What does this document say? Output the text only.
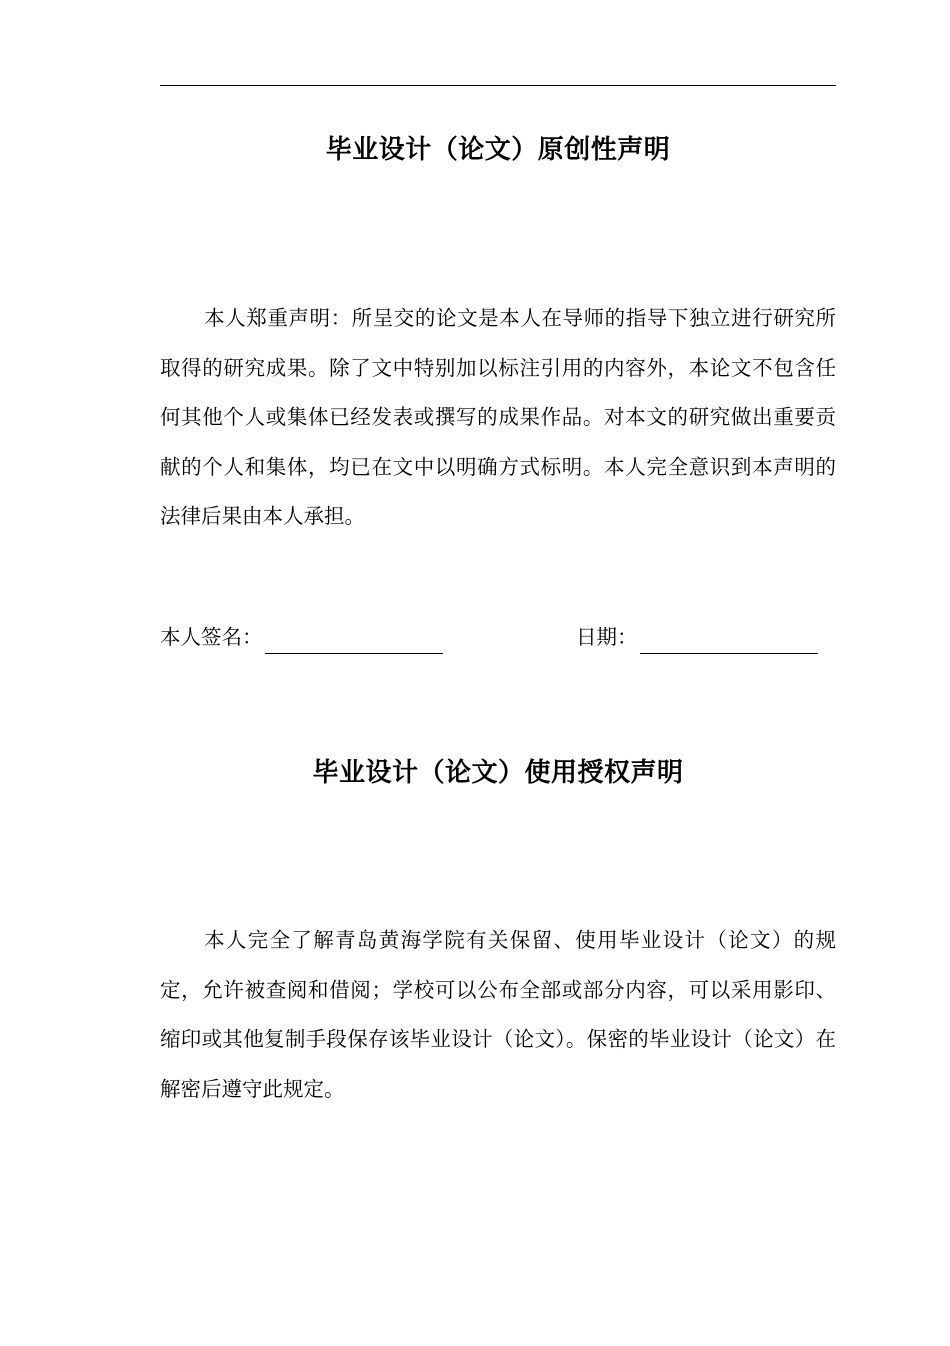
毕业设计（论文）原创性声明

本人郑重声明：所呈交的论文是本人在导师的指导下独立进行研究所取得的研究成果。除了文中特别加以标注引用的内容外，本论文不包含任何其他个人或集体已经发表或撰写的成果作品。对本文的研究做出重要贡献的个人和集体，均已在文中以明确方式标明。本人完全意识到本声明的法律后果由本人承担。

本人签名：	日期：
毕业设计（论文）使用授权声明

本人完全了解青岛黄海学院有关保留、使用毕业设计（论文）的规定，允许被查阅和借阅；学校可以公布全部或部分内容，可以采用影印、缩印或其他复制手段保存该毕业设计（论文）。保密的毕业设计（论文）在解密后遵守此规定。
